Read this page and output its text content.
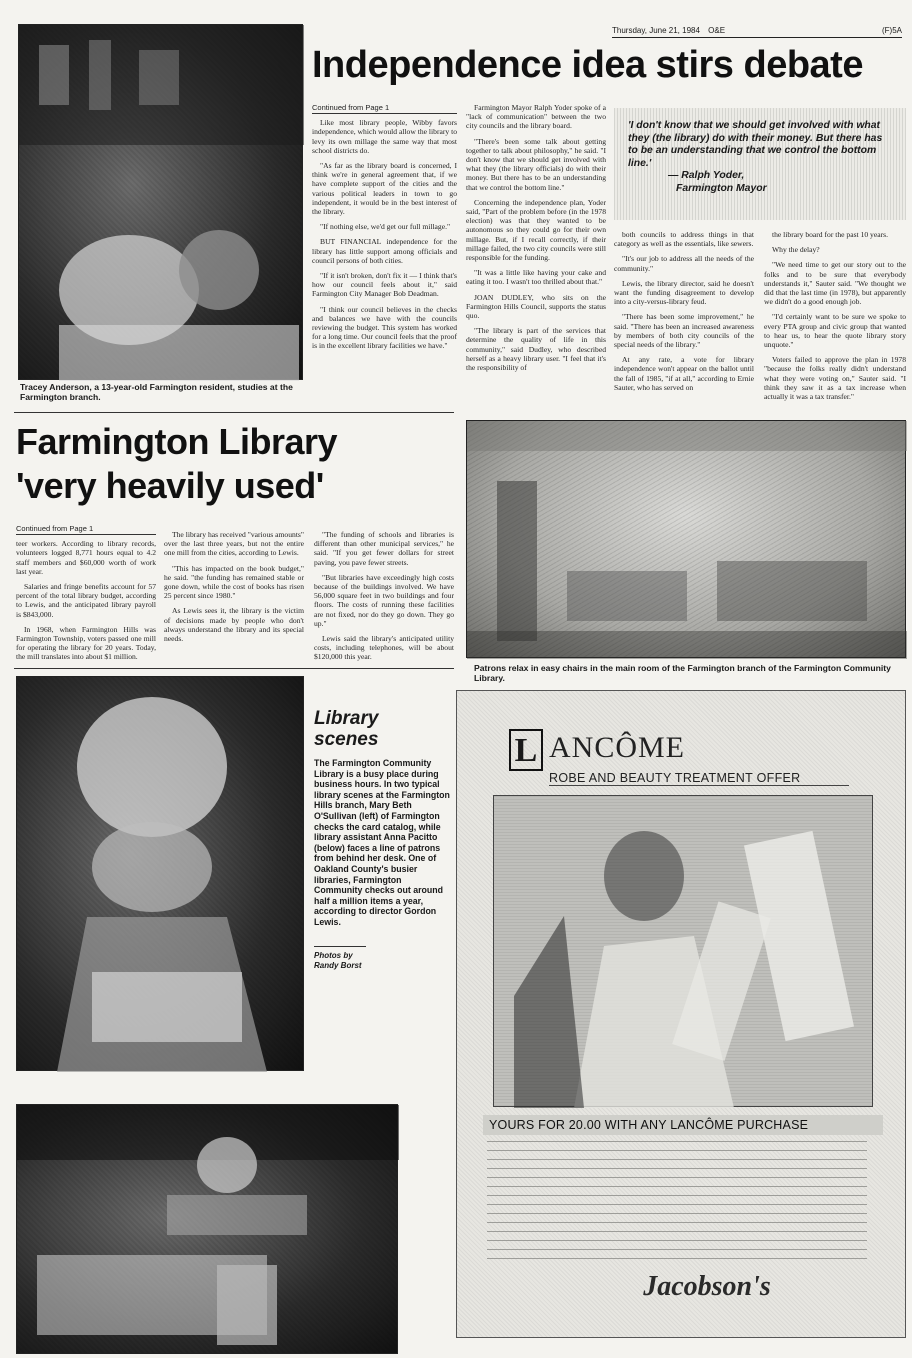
Thursday, June 21, 1984 O&E	(F)5A
Tracey Anderson, a 13-year-old Farmington resident, studies at the Farmington branch.
Independence idea stirs debate
Continued from Page 1

Like most library people, Wibby favors independence, which would allow the library to levy its own millage the same way that most school districts do.

"As far as the library board is concerned, I think we're in general agreement that, if we have complete support of the cities and the various political leaders in town to go independent, it would be in the best interest of the library.

"If nothing else, we'd get our full millage."

BUT FINANCIAL independence for the library has little support among officials and council persons of both cities.

"If it isn't broken, don't fix it — I think that's how our council feels about it," said Farmington City Manager Bob Deadman.

"I think our council believes in the checks and balances we have with the councils reviewing the budget. This system has worked for a long time. Our council feels that the proof is in the excellent library facilities we have."

Farmington Mayor Ralph Yoder spoke of a "lack of communication" between the two city councils and the library board.

"There's been some talk about getting together to talk about philosophy," he said. "I don't know that we should get involved with what they (the library officials) do with their money. But there has to be an understanding that we control the bottom line."

Concerning the independence plan, Yoder said, "Part of the problem before (in the 1978 election) was that they wanted to be autonomous so they could go for their own millage. But, if I recall correctly, if their millage failed, the two city councils were still responsible for the funding.

"It was a little like having your cake and eating it too. I wasn't too thrilled about that."

JOAN DUDLEY, who sits on the Farmington Hills Council, supports the status quo.

"The library is part of the services that determine the quality of life in this community," said Dudley, who described herself as a heavy library user. "I feel that it's the responsibility of

'I don't know that we should get involved with what they (the library) do with their money. But there has to be an understanding that we control the bottom line.'
— Ralph Yoder,
Farmington Mayor

both councils to address things in that category as well as the essentials, like sewers.

"It's our job to address all the needs of the community."

Lewis, the library director, said he doesn't want the funding disagreement to develop into a city-versus-library feud.

"There has been some improvement," he said. "There has been an increased awareness by members of both city councils of the special needs of the library."

At any rate, a vote for library independence won't appear on the ballot until the fall of 1985, "if at all," according to Ernie Sauter, who has served on

the library board for the past 10 years.

Why the delay?

"We need time to get our story out to the folks and to be sure that everybody understands it," Sauter said. "We thought we did that the last time (in 1978), but apparently we didn't do a good enough job.

"I'd certainly want to be sure we spoke to every PTA group and civic group that wanted to hear us, to hear the quote library story unquote."

Voters failed to approve the plan in 1978 "because the folks really didn't understand what they were voting on," Sauter said. "I think they saw it as a tax increase when actually it was a tax transfer."

Farmington Library
'very heavily used'
Continued from Page 1

teer workers. According to library records, volunteers logged 8,771 hours equal to 4.2 staff members and $60,000 worth of work last year.

Salaries and fringe benefits account for 57 percent of the total library budget, according to Lewis, and the anticipated library payroll is $843,000.

In 1968, when Farmington Hills was Farmington Township, voters passed one mill for operating the library for 20 years. Today, the mill translates into about $1 million.

The library has received "various amounts" over the last three years, but not the entire one mill from the cities, according to Lewis.

"This has impacted on the book budget," he said. "the funding has remained stable or gone down, while the cost of books has risen 25 percent since 1980."

As Lewis sees it, the library is the victim of decisions made by people who don't always understand the library and its special needs.

"The funding of schools and libraries is different than other municipal services," he said. "If you get fewer dollars for street paving, you pave fewer streets.

"But libraries have exceedingly high costs because of the buildings involved. We have 56,000 square feet in two buildings and four floors. The costs of running these facilities are not fixed, nor do they go down. They go up."

Lewis said the library's anticipated utility costs, including telephones, will be about $120,000 this year.

Patrons relax in easy chairs in the main room of the Farmington branch of the Farmington Community Library.
Library
scenes
The Farmington Community Library is a busy place during business hours. In two typical library scenes at the Farmington Hills branch, Mary Beth O'Sullivan (left) of Farmington checks the card catalog, while library assistant Anna Pacitto (below) faces a line of patrons from behind her desk. One of Oakland County's busier libraries, Farmington Community checks out around half a million items a year, according to director Gordon Lewis.
Photos by
Randy Borst
L ANCÔME
ROBE AND BEAUTY TREATMENT OFFER
YOURS FOR 20.00 WITH ANY LANCÔME PURCHASE
Jacobson's
